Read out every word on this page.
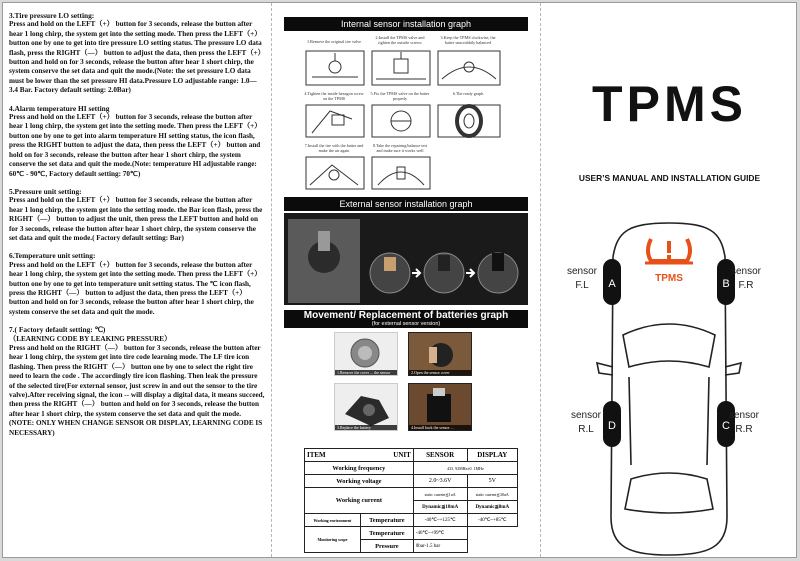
3.Tire pressure LO setting:

Press and hold on the LEFT（+） button for 3 seconds, release the button after hear 1 long chirp, the system get into the setting mode. Then press the LEFT（+） button one by one to get into tire pressure LO setting status. The pressure LO data flash, press the RIGHT（—） button to adjust the data, then press the LEFT（+） button and hold on for 3 seconds, release the button after hear 1 short chirp, the system conserve the set data and quit the mode.(Note: the set pressure LO data must be lower than the set pressure HI data.Pressure LO adjustable range: 1.0—3.4 Bar. Factory default setting: 2.0Bar)

4.Alarm temperature HI setting

Press and hold on the LEFT（+） button for 3 seconds, release the button after hear 1 long chirp, the system get into the setting mode. Then press the LEFT（+） button one by one to get into alarm temperature HI setting status, the icon flash, press the RIGHT button to adjust the data, then press the LEFT（+） button and hold on for 3 seconds, release the button after hear 1 short chirp, the system conserve the set data and quit the mode.(Note: temperature HI adjustable range: 60℃ - 90℃, Factory default setting: 70℃)

5.Pressure unit setting:

Press and hold on the LEFT（+） button for 3 seconds, release the button after hear 1 long chirp, the system get into the setting mode. the Bar icon flash, press the RIGHT（—） button to adjust the unit, then press the LEFT button and hold on for 3 seconds, release the button after hear 1 short chirp, the system conserve the set data and quit the mode.( Factory default setting: Bar)

6.Temperature unit setting:

Press and hold on the LEFT（+） button for 3 seconds, release the button after hear 1 long chirp, the system get into the setting mode. Then press the LEFT（+） button one by one to get into temperature unit setting status. The ℃ icon flash, press the RIGHT（—） button to adjust the data, then press the LEFT（+） button and hold on for 3 seconds, release the button after hear 1 short chirp, the system conserve the set data and quit the mode.

7.( Factory default setting: ℃)
（LEARNING CODE BY LEAKING PRESSURE）

Press and hold on the RIGHT（—） button for 3 seconds, release the button after hear 1 long chirp, the system get into tire code learning mode. The LF tire icon flashing. Then press the RIGHT（—） button one by one to select the right tire need to learn the code . The accordingly tire icon flashing. Then leak the pressure of the selected tire(For external sensor, just screw in and out the sensor to the tire valve).After receiving signal, the icon -- will display a digital data, it means succeed, then press the RIGHT（—） button and hold on for 3 seconds, release the button after hear 1 short chirp, the system conserve the set data and quit the mode. (NOTE: ONLY WHEN CHANGE SENSOR OR DISPLAY, LEARNING CODE IS NECESSARY)

Internal sensor installation graph
1.Remove the original tire valve
2.Install the TPMS valve and tighten the outside screws
3.Keep the TPMS clockwise, the batter unscrubbily balanced
4.Tighten the inside hexagon screw on the TPMS
5.Fix the TPMS valve on the batter properly
6.The ready graph
7.Install the tire with the batter and make the air again
8.Take the repairing/balance test and make sure it works well
External sensor installation graph
Movement/ Replacement of batteries graph
(for external sensor version)
1.Remove the cover ... the sensor	2.Open the sensor cover
3.Replace the battery	4.Install back the sensor ...
ITEM UNIT		SENSOR	DISPLAY
Working frequency		433. 92MHz±0. 1MHz	
Working voltage		2.0~3.6V	5V
Working current		static current≦1uA	static current≦30uA
		Dynamic≦18mA	Dynamic≦8mA
Working environment	Temperature	-40℃~+125℃	-40℃~+85℃
Monitoring scope	Temperature	-40℃~+99℃	
	Pressure	0bar-1.5 bar	
TPMS
USER’S MANUAL AND INSTALLATION GUIDE
TPMS
A	B
D	C
sensor
F.L
sensor
F.R
sensor
R.L
sensor
R.R
